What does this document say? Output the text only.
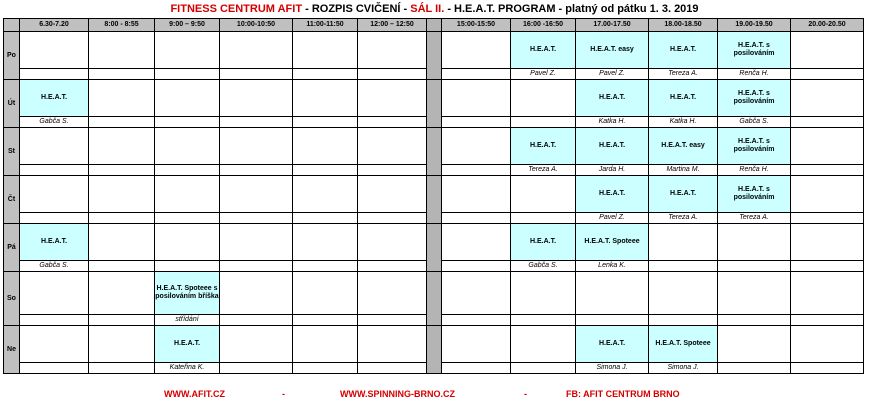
FITNESS CENTRUM AFIT - ROZPIS CVIČENÍ - SÁL II. - H.E.A.T. PROGRAM - platný od pátku 1. 3. 2019
	6.30-7.20	8:00 - 8:55	9:00 – 9:50	10:00-10:50	11:00-11:50	12:00 – 12:50		15:00-15:50	16:00 -16:50	17.00-17.50	18.00-18.50	19.00-19.50	20.00-20.50
Po									H.E.A.T.	H.E.A.T. easy	H.E.A.T.	H.E.A.T. s posilováním	
									Pavel Z.	Pavel Z.	Tereza A.	Renča H.	
Út	H.E.A.T.									H.E.A.T.	H.E.A.T.	H.E.A.T. s posilováním	
	Gabča S.									Katka H.	Katka H.	Gabča S.	
St									H.E.A.T.	H.E.A.T.	H.E.A.T. easy	H.E.A.T. s posilováním	
									Tereza A.	Jarda H.	Martina M.	Renča H.	
Čt										H.E.A.T.	H.E.A.T.	H.E.A.T. s posilováním	
										Pavel Z.	Tereza A.	Tereza A.	
Pá	H.E.A.T.								H.E.A.T.	H.E.A.T. Spoteee			
	Gabča S.								Gabča S.	Lenka K.			
So			H.E.A.T. Spoteee s posilováním bříška										
			střídání										
Ne			H.E.A.T.							H.E.A.T.	H.E.A.T. Spoteee		
			Kateřina K.							Simona J.	Simona J.		
WWW.AFIT.CZ	-	WWW.SPINNING-BRNO.CZ	-	FB: AFIT CENTRUM BRNO
